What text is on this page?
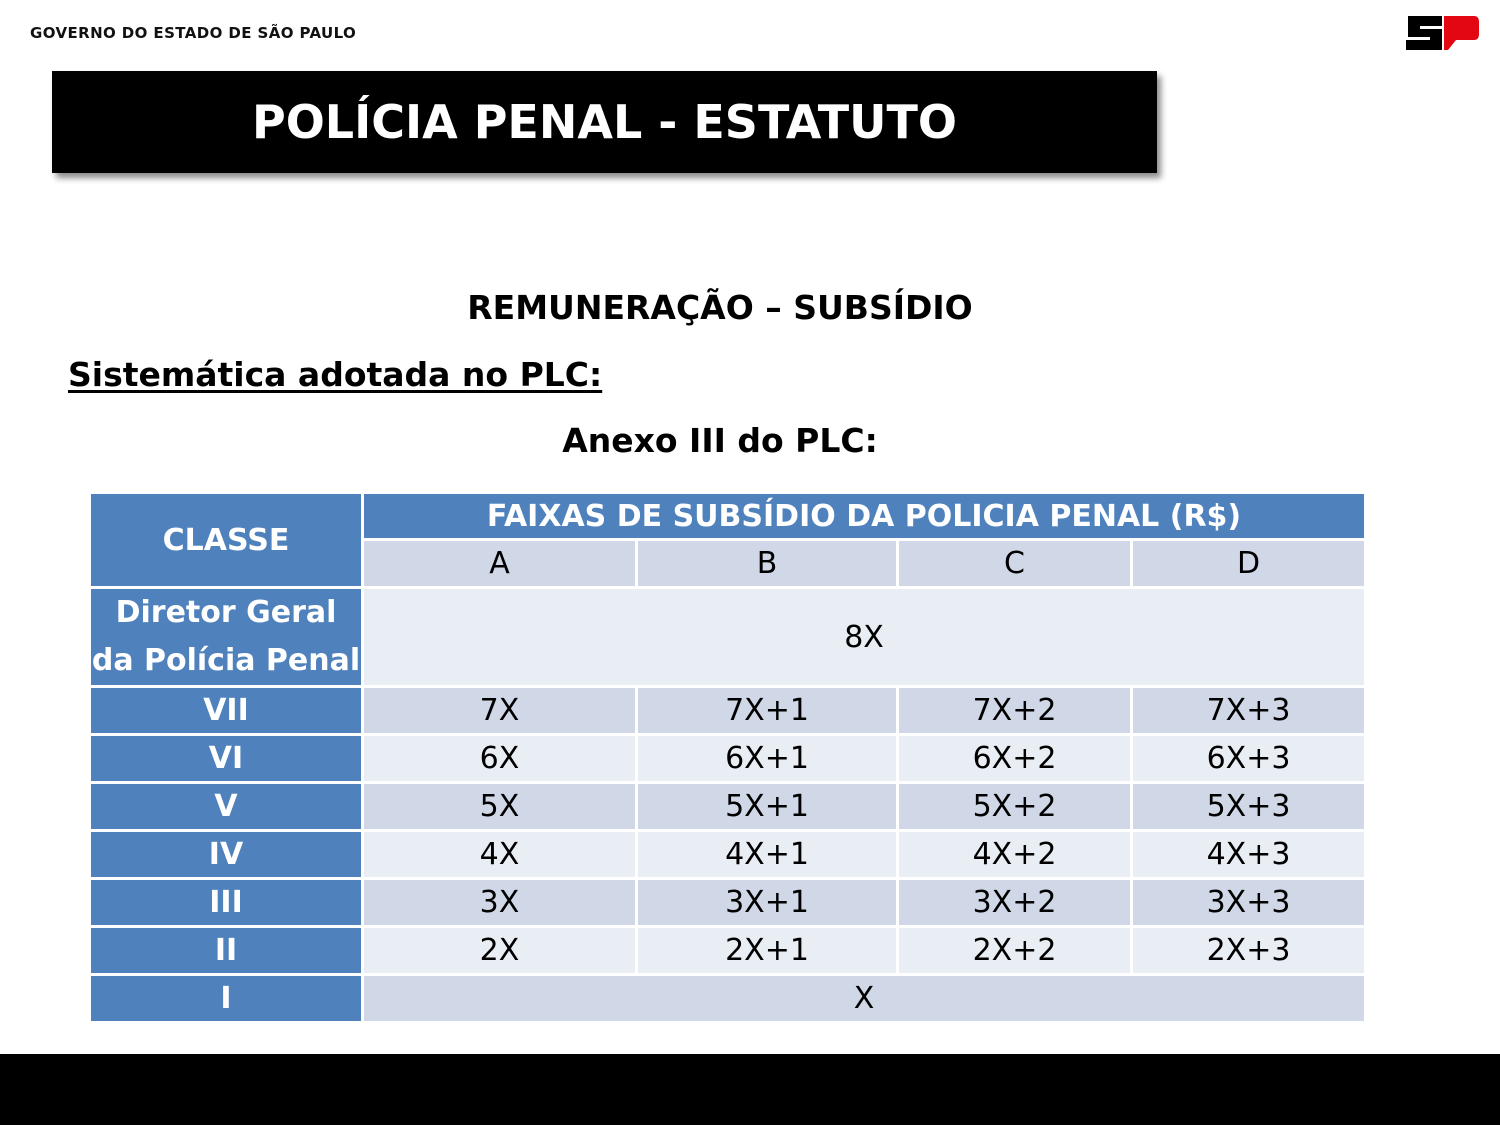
GOVERNO DO ESTADO DE SÃO PAULO
POLÍCIA PENAL - ESTATUTO
REMUNERAÇÃO – SUBSÍDIO
Sistemática adotada no PLC:
Anexo III do PLC:
CLASSE	FAIXAS DE SUBSÍDIO DA POLICIA PENAL (R$)			
	A	B	C	D
Diretor Geral da Polícia Penal	8X			
VII	7X	7X+1	7X+2	7X+3
VI	6X	6X+1	6X+2	6X+3
V	5X	5X+1	5X+2	5X+3
IV	4X	4X+1	4X+2	4X+3
III	3X	3X+1	3X+2	3X+3
II	2X	2X+1	2X+2	2X+3
I	X			
